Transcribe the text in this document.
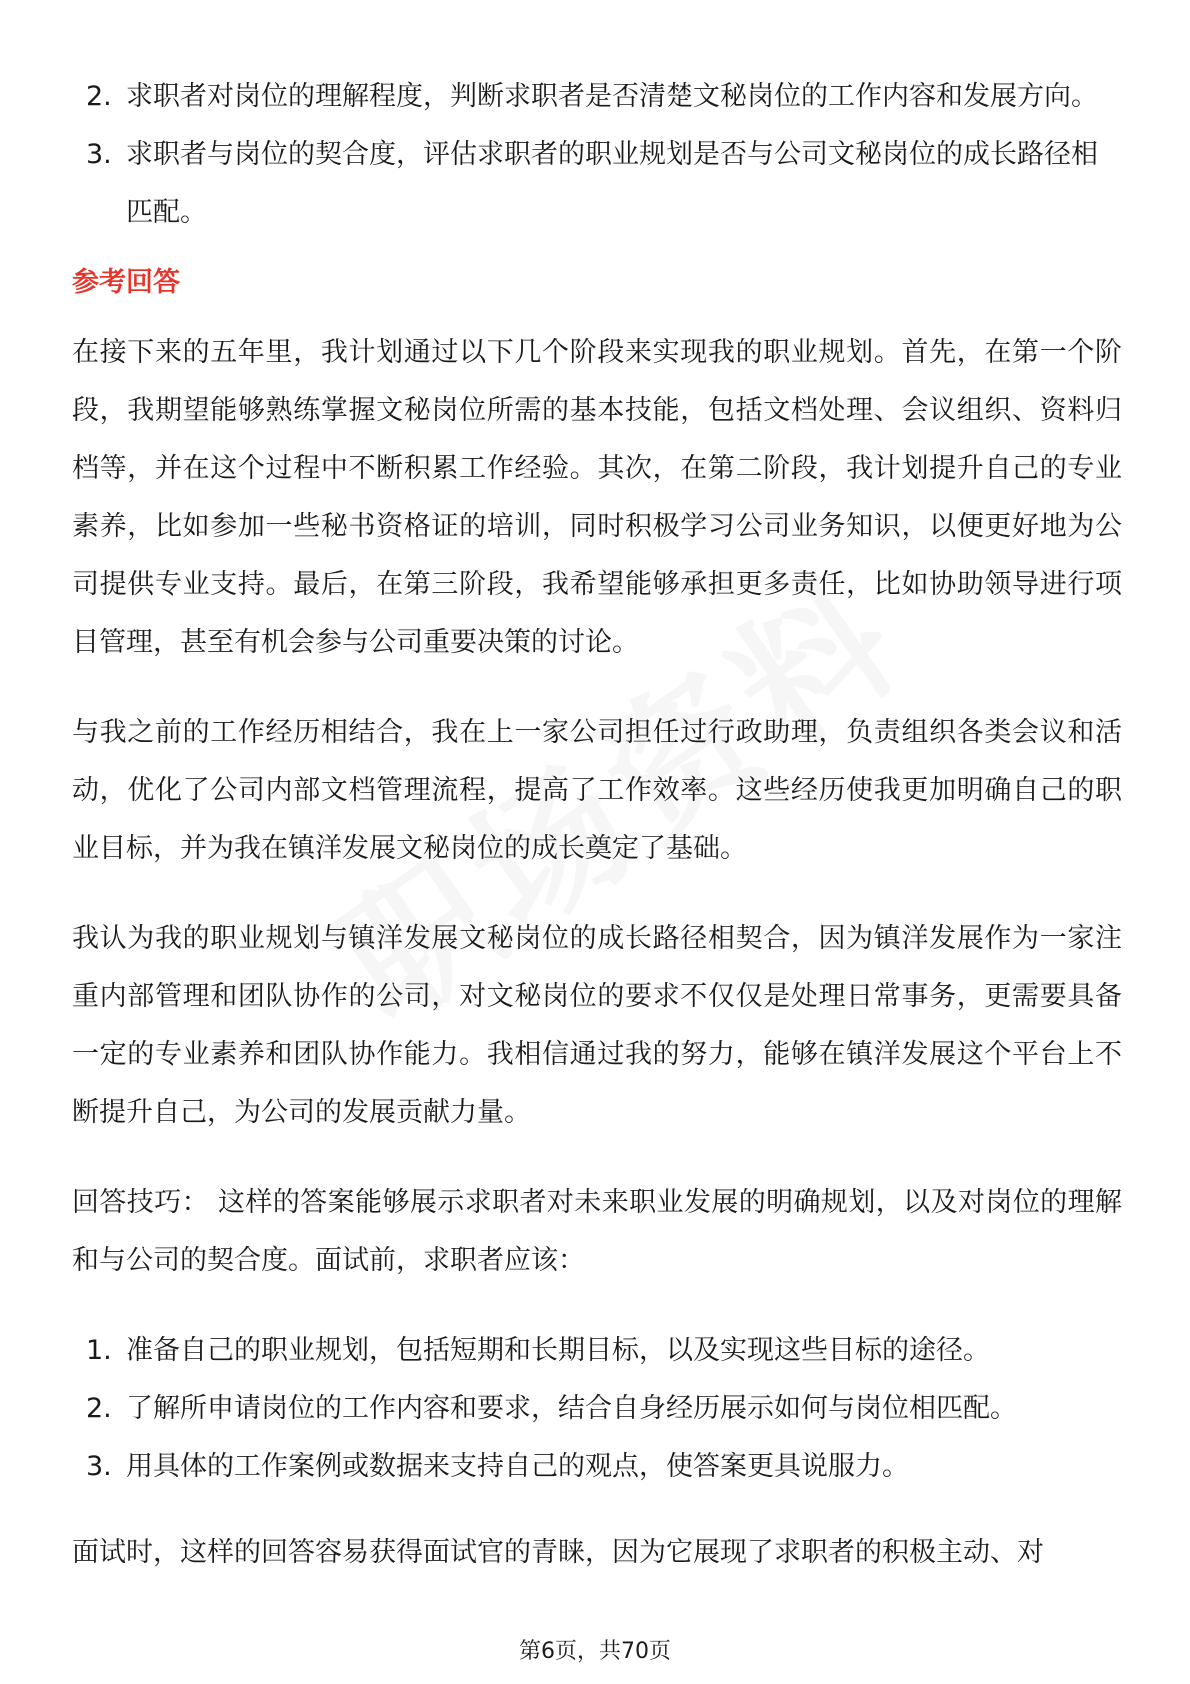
2. 求职者对岗位的理解程度，判断求职者是否清楚文秘岗位的工作内容和发展方向。
3. 求职者与岗位的契合度，评估求职者的职业规划是否与公司文秘岗位的成长路径相匹配。
参考回答

在接下来的五年里，我计划通过以下几个阶段来实现我的职业规划。首先，在第一个阶段，我期望能够熟练掌握文秘岗位所需的基本技能，包括文档处理、会议组织、资料归档等，并在这个过程中不断积累工作经验。其次，在第二阶段，我计划提升自己的专业素养，比如参加一些秘书资格证的培训，同时积极学习公司业务知识，以便更好地为公司提供专业支持。最后，在第三阶段，我希望能够承担更多责任，比如协助领导进行项目管理，甚至有机会参与公司重要决策的讨论。

与我之前的工作经历相结合，我在上一家公司担任过行政助理，负责组织各类会议和活动，优化了公司内部文档管理流程，提高了工作效率。这些经历使我更加明确自己的职业目标，并为我在镇洋发展文秘岗位的成长奠定了基础。

我认为我的职业规划与镇洋发展文秘岗位的成长路径相契合，因为镇洋发展作为一家注重内部管理和团队协作的公司，对文秘岗位的要求不仅仅是处理日常事务，更需要具备一定的专业素养和团队协作能力。我相信通过我的努力，能够在镇洋发展这个平台上不断提升自己，为公司的发展贡献力量。

回答技巧： 这样的答案能够展示求职者对未来职业发展的明确规划，以及对岗位的理解和与公司的契合度。面试前，求职者应该：

1. 准备自己的职业规划，包括短期和长期目标，以及实现这些目标的途径。
2. 了解所申请岗位的工作内容和要求，结合自身经历展示如何与岗位相匹配。
3. 用具体的工作案例或数据来支持自己的观点，使答案更具说服力。

面试时，这样的回答容易获得面试官的青睐，因为它展现了求职者的积极主动、对

第6页，共70页
